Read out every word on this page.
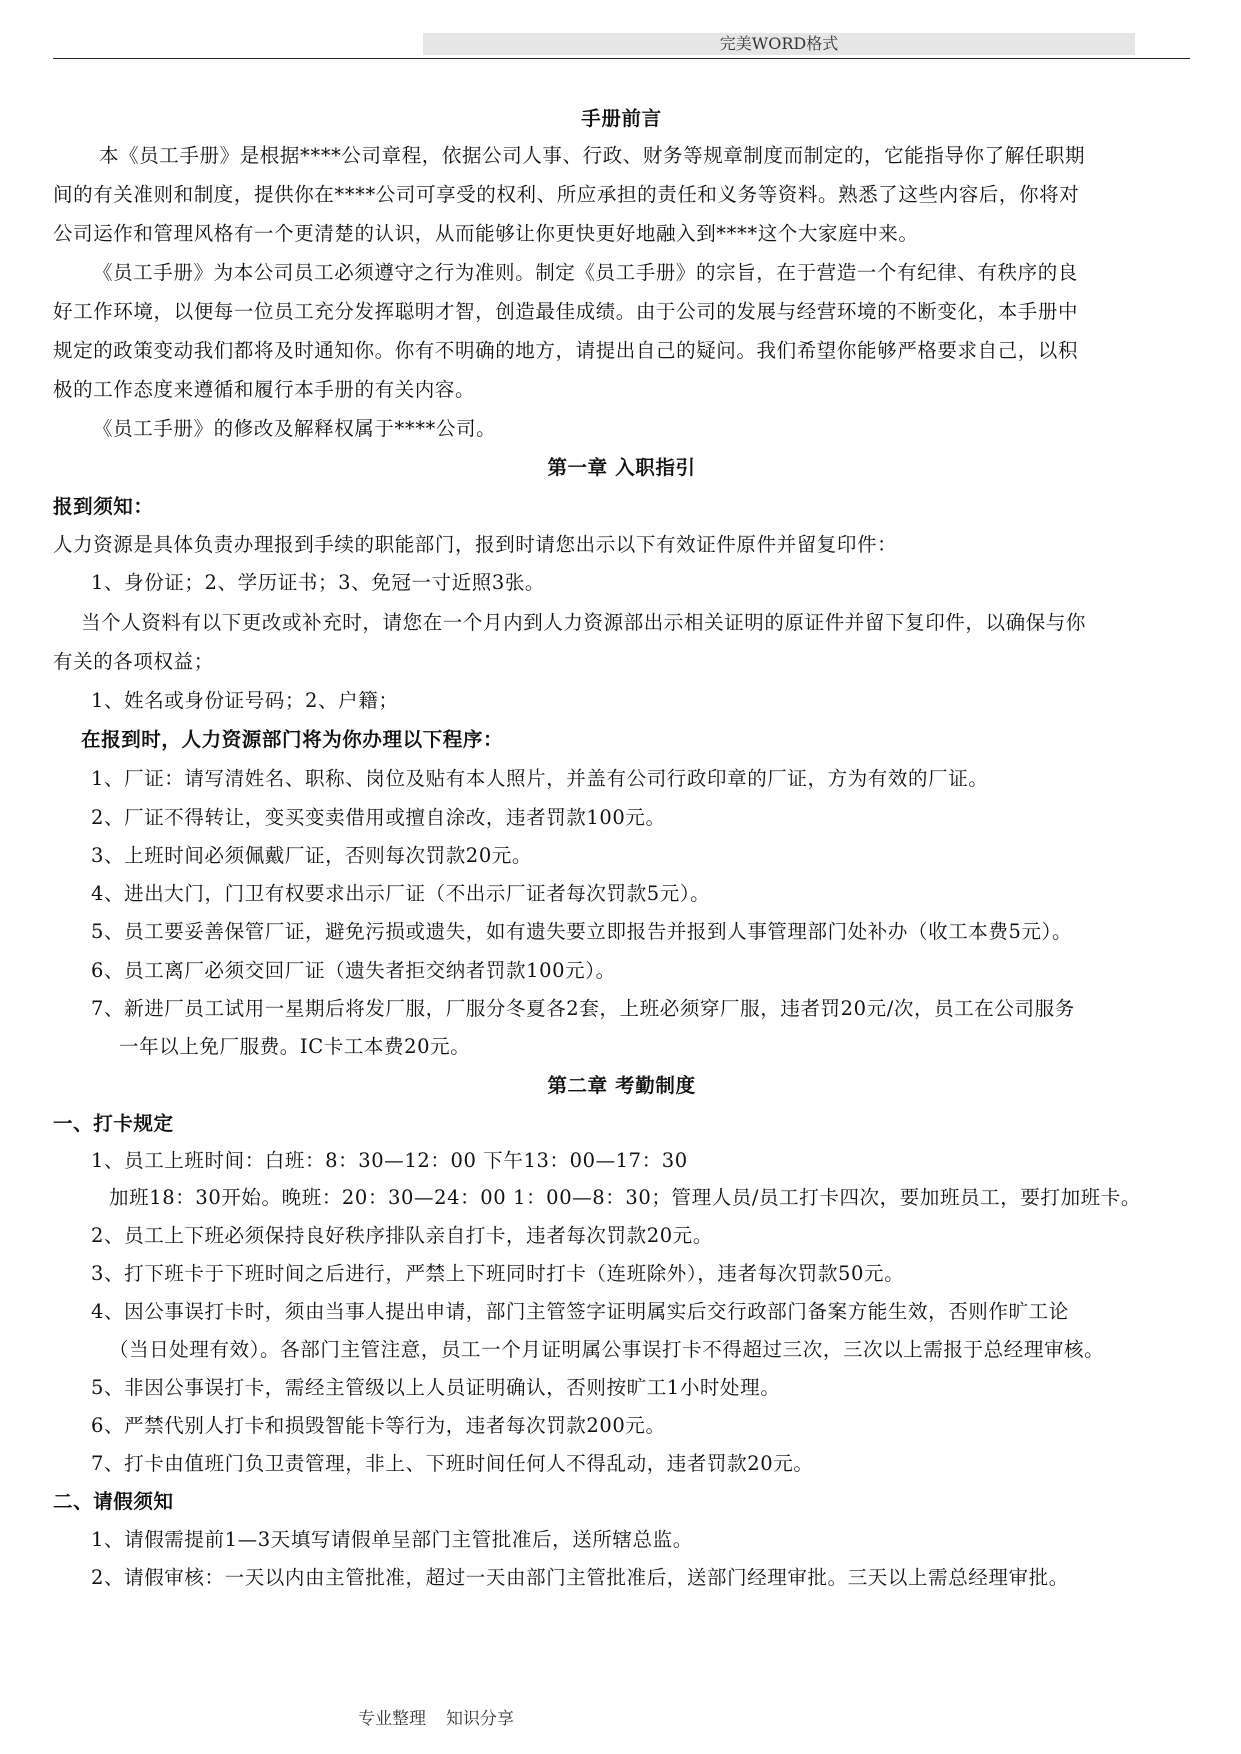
完美WORD格式
手册前言
本《员工手册》是根据****公司章程，依据公司人事、行政、财务等规章制度而制定的，它能指导你了解任职期
间的有关准则和制度，提供你在****公司可享受的权利、所应承担的责任和义务等资料。熟悉了这些内容后，你将对
公司运作和管理风格有一个更清楚的认识，从而能够让你更快更好地融入到****这个大家庭中来。
《员工手册》为本公司员工必须遵守之行为准则。制定《员工手册》的宗旨，在于营造一个有纪律、有秩序的良
好工作环境，以便每一位员工充分发挥聪明才智，创造最佳成绩。由于公司的发展与经营环境的不断变化，本手册中
规定的政策变动我们都将及时通知你。你有不明确的地方，请提出自己的疑问。我们希望你能够严格要求自己，以积
极的工作态度来遵循和履行本手册的有关内容。
《员工手册》的修改及解释权属于****公司。
第一章 入职指引
报到须知：
人力资源是具体负责办理报到手续的职能部门，报到时请您出示以下有效证件原件并留复印件：
1、身份证；2、学历证书；3、免冠一寸近照3张。
当个人资料有以下更改或补充时，请您在一个月内到人力资源部出示相关证明的原证件并留下复印件，以确保与你
有关的各项权益；
1、姓名或身份证号码；2、户籍；
在报到时，人力资源部门将为你办理以下程序：
1、厂证：请写清姓名、职称、岗位及贴有本人照片，并盖有公司行政印章的厂证，方为有效的厂证。
2、厂证不得转让，变买变卖借用或擅自涂改，违者罚款100元。
3、上班时间必须佩戴厂证，否则每次罚款20元。
4、进出大门，门卫有权要求出示厂证（不出示厂证者每次罚款5元）。
5、员工要妥善保管厂证，避免污损或遗失，如有遗失要立即报告并报到人事管理部门处补办（收工本费5元）。
6、员工离厂必须交回厂证（遗失者拒交纳者罚款100元）。
7、新进厂员工试用一星期后将发厂服，厂服分冬夏各2套，上班必须穿厂服，违者罚20元/次，员工在公司服务
一年以上免厂服费。IC卡工本费20元。
第二章 考勤制度
一、打卡规定
1、员工上班时间：白班：8：30—12：00 下午13：00—17：30
加班18：30开始。晚班：20：30—24：00 1：00—8：30；管理人员/员工打卡四次，要加班员工，要打加班卡。
2、员工上下班必须保持良好秩序排队亲自打卡，违者每次罚款20元。
3、打下班卡于下班时间之后进行，严禁上下班同时打卡（连班除外），违者每次罚款50元。
4、因公事误打卡时，须由当事人提出申请，部门主管签字证明属实后交行政部门备案方能生效，否则作旷工论
（当日处理有效）。各部门主管注意，员工一个月证明属公事误打卡不得超过三次，三次以上需报于总经理审核。
5、非因公事误打卡，需经主管级以上人员证明确认，否则按旷工1小时处理。
6、严禁代别人打卡和损毁智能卡等行为，违者每次罚款200元。
7、打卡由值班门负卫责管理，非上、下班时间任何人不得乱动，违者罚款20元。
二、请假须知
1、请假需提前1—3天填写请假单呈部门主管批准后，送所辖总监。
2、请假审核：一天以内由主管批准，超过一天由部门主管批准后，送部门经理审批。三天以上需总经理审批。
专业整理 知识分享
